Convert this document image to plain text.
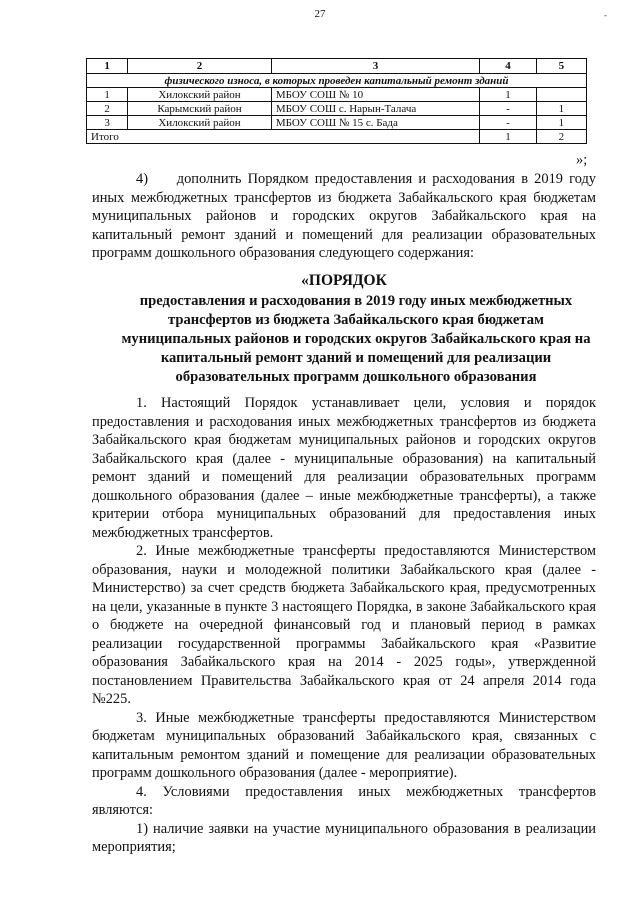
27	-
1	2	3	4	5
физического износа, в которых проведен капитальный ремонт зданий				
1	Хилокский район	МБОУ СОШ № 10	1	
2	Карымский район	МБОУ СОШ с. Нарын-Талача	-	1
3	Хилокский район	МБОУ СОШ № 15 с. Бада	-	1
Итого			1	2
»;

4)  дополнить Порядком предоставления и расходования в 2019 году иных межбюджетных трансфертов из бюджета Забайкальского края бюджетам муниципальных районов и городских округов Забайкальского края на капитальный ремонт зданий и помещений для реализации образовательных программ дошкольного образования следующего содержания:

«ПОРЯДОК
предоставления и расходования в 2019 году иных межбюджетных трансфертов из бюджета Забайкальского края бюджетам муниципальных районов и городских округов Забайкальского края на капитальный ремонт зданий и помещений для реализации образовательных программ дошкольного образования

1. Настоящий Порядок устанавливает цели, условия и порядок предоставления и расходования иных межбюджетных трансфертов из бюджета Забайкальского края бюджетам муниципальных районов и городских округов Забайкальского края (далее - муниципальные образования) на капитальный ремонт зданий и помещений для реализации образовательных программ дошкольного образования (далее – иные межбюджетные трансферты), а также критерии отбора муниципальных образований для предоставления иных межбюджетных трансфертов.

2. Иные межбюджетные трансферты предоставляются Министерством образования, науки и молодежной политики Забайкальского края (далее - Министерство) за счет средств бюджета Забайкальского края, предусмотренных на цели, указанные в пункте 3 настоящего Порядка, в законе Забайкальского края о бюджете на очередной финансовый год и плановый период в рамках реализации государственной программы Забайкальского края «Развитие образования Забайкальского края на 2014 - 2025 годы», утвержденной постановлением Правительства Забайкальского края от 24 апреля 2014 года №225.

3. Иные межбюджетные трансферты предоставляются Министерством бюджетам муниципальных образований Забайкальского края, связанных с капитальным ремонтом зданий и помещение для реализации образовательных программ дошкольного образования (далее - мероприятие).

4. Условиями предоставления иных межбюджетных трансфертов являются:

1) наличие заявки на участие муниципального образования в реализации мероприятия;
